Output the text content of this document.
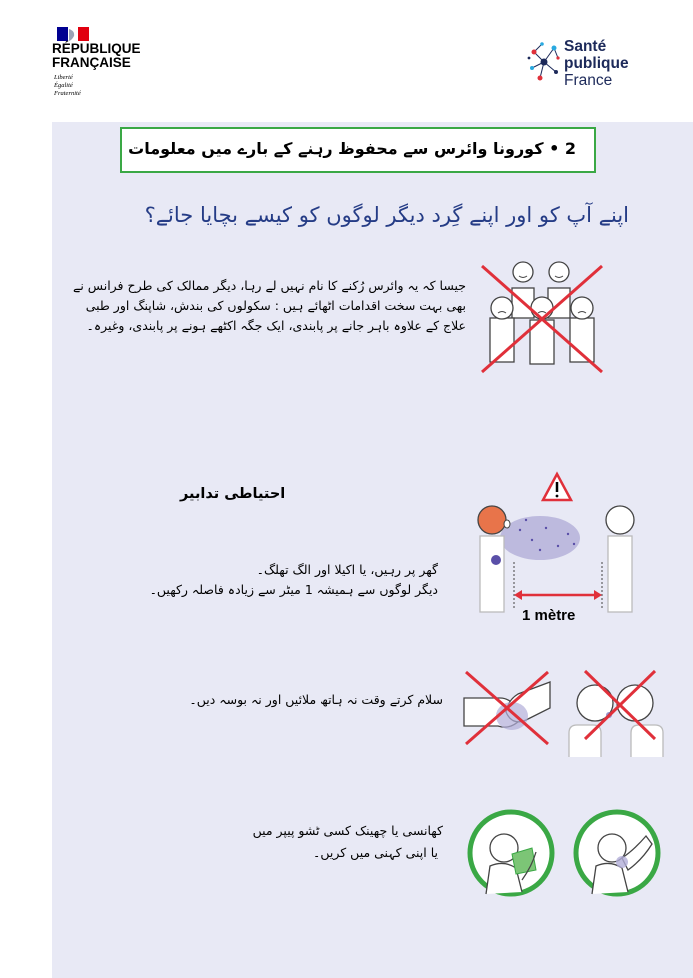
RÉPUBLIQUE
FRANÇAISE
Liberté
Égalité
Fraternité
Santé
publique
France
2 • کورونا وائرس سے محفوظ رہنے کے بارے میں معلومات
اپنے آپ کو اور اپنے گِرد دیگر لوگوں کو کیسے بچایا جائے؟
جیسا کہ یہ وائرس رُکنے کا نام نہیں لے رہا، دیگر ممالک کی طرح فرانس نے بھی بہت سخت اقدامات اٹھائے ہیں : سکولوں کی بندش، شاپنگ اور طبی علاج کے علاوہ باہر جانے پر پابندی، ایک جگہ اکٹھے ہونے پر پابندی، وغیرہ۔
احتیاطی تدابیر
1 mètre
گھر پر رہیں، یا اکیلا اور الگ تھلگ۔
دیگر لوگوں سے ہمیشہ 1 میٹر سے زیادہ فاصلہ رکھیں۔
سلام کرتے وقت نہ ہاتھ ملائیں اور نہ بوسہ دیں۔
کھانسی یا چھینک کسی ٹشو پیپر میں
یا اپنی کہنی میں کریں۔
